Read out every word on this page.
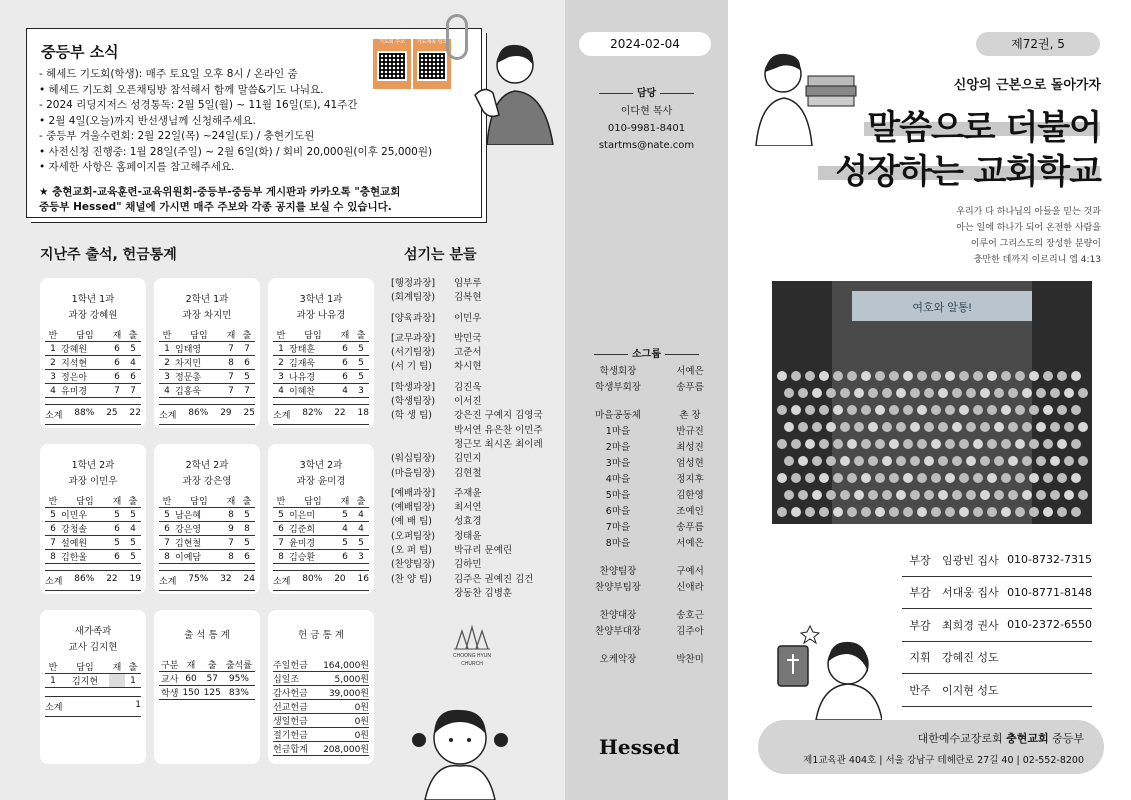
중등부 소식
기도회 주소	기도제목 링크
- 헤세드 기도회(학생): 매주 토요일 오후 8시 / 온라인 줌
• 헤세드 기도회 오픈채팅방 참석해서 함께 말씀&기도 나눠요.
- 2024 리딩지저스 성경통독: 2월 5일(월) ~ 11월 16일(토), 41주간
• 2월 4일(오늘)까지 반선생님께 신청해주세요.
- 중등부 겨울수련회: 2월 22일(목) ~24일(토) / 충현기도원
• 사전신청 진행중: 1월 28일(주일) ~ 2월 6일(화) / 회비 20,000원(이후 25,000원)
• 자세한 사항은 홈페이지를 참고해주세요.
★ 충현교회-교육훈련-교육위원회-중등부-중등부 게시판과 카카오톡 "충현교회
중등부 Hessed" 채널에 가시면 매주 주보와 각종 공지를 보실 수 있습니다.
지난주 출석, 헌금통계	섬기는 분들
1학년 1과
과장 강혜원
반	담임	재	출
1	강혜원	6	5
2	지석현	6	4
3	정은아	6	6
4	유미경	7	7
소계 88% 25 22
2학년 1과
과장 차지민
반	담임	재	출
1	임태영	7	7
2	차지민	8	6
3	정문총	7	5
4	김홍욱	7	7
소계 86% 29 25
3학년 1과
과장 나유경
반	담임	재	출
1	장태훈	6	5
2	김재욱	6	5
3	나유경	6	5
4	이혜찬	4	3
소계 82% 22 18
1학년 2과
과장 이민우
반	담임	재	출
5	이민우	5	5
6	강청솔	6	4
7	설예원	5	5
8	김한울	6	5
소계 86% 22 19
2학년 2과
과장 강은영
반	담임	재	출
5	남은혜	8	5
6	강은영	9	8
7	김현철	7	5
8	이예담	8	6
소계 75% 32 24
3학년 2과
과장 윤미경
반	담임	재	출
5	이은미	5	4
6	김준희	4	4
7	윤미경	5	5
8	김승환	6	3
소계 80% 20 16
새가족과
교사 김지현
반	담임	재	출
1	김지현		1
소계	1
출 석 통 계
구분	재	출	출석률
교사	60	57	95%
학생	150	125	83%
헌 금 통 계
주일헌금	164,000원
십일조	5,000원
감사헌금	39,000원
선교헌금	0원
생일헌금	0원
절기헌금	0원
헌금합계	208,000원
[행정과장]	임부루
(회계팀장)	김복현
[양육과장]	이민우
[교무과장]	박민국
(서기팀장)	고준서
(서 기 팀)	차시현
[학생과장]	김진욱
(학생팀장)	이서진
(학 생 팀)	강은진 구예지 김영국
박서연 유은찬 이민주
정근모 최시온 최이레
(워십팀장)	김민지
(마을팀장)	김현철
[예배과장]	주재윤
(예배팀장)	최서연
(예 배 팀)	성효경
(오퍼팀장)	정태윤
(오 퍼 팀)	박규리 문예린
(찬양팀장)	김하민
(찬 양 팀)	김주은 권예진 김건
장동찬 김병훈
CHOONG HYUN
CHURCH
2024-02-04
담당
이다현 목사
010-9981-8401
startms@nate.com
소그룹
학생회장	서예은
학생부회장	송푸름
마을공동체	촌 장
1마을	반규진
2마을	최성진
3마을	엄성현
4마을	정지후
5마을	김한영
6마을	조예인
7마을	송푸름
8마을	서예은
찬양팀장	구예서
찬양부팀장	신애라
찬양대장	송호근
찬양부대장	김주아
오케악장	박찬미
Hessed
제72권, 5
신앙의 근본으로 돌아가자
말씀으로 더불어
성장하는 교회학교
우리가 다 하나님의 아들을 믿는 것과
아는 일에 하나가 되어 온전한 사람을
이루어 그리스도의 장성한 분량이
충만한 데까지 이르리니 엡 4:13
여호와 알통!
부장	임광빈 집사 010-8732-7315
부감	서대웅 집사 010-8771-8148
부감	최희경 권사 010-2372-6550
지휘	강혜진 성도
반주	이지현 성도
대한예수교장로회 충현교회 중등부
제1교육관 404호 | 서울 강남구 테헤란로 27길 40 | 02-552-8200
